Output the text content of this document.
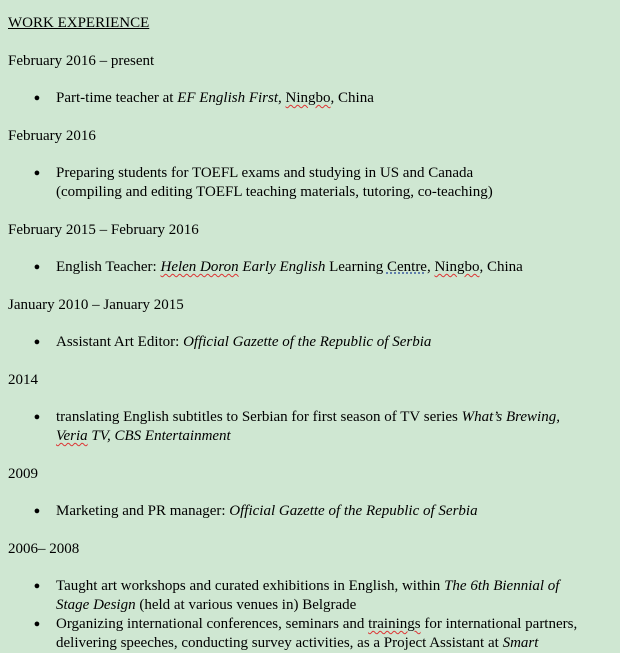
WORK EXPERIENCE
February 2016 – present
● Part-time teacher at EF English First, Ningbo, China
February 2016
● Preparing students for TOEFL exams and studying in US and Canada
(compiling and editing TOEFL teaching materials, tutoring, co-teaching)
February 2015 – February 2016
● English Teacher: Helen Doron Early English Learning Centre, Ningbo, China
January 2010 – January 2015
● Assistant Art Editor: Official Gazette of the Republic of Serbia
2014
● translating English subtitles to Serbian for first season of TV series What’s Brewing,
Veria TV, CBS Entertainment
2009
● Marketing and PR manager: Official Gazette of the Republic of Serbia
2006– 2008
● Taught art workshops and curated exhibitions in English, within The 6th Biennial of
Stage Design (held at various venues in) Belgrade
● Organizing international conferences, seminars and trainings for international partners,
delivering speeches, conducting survey activities, as a Project Assistant at Smart
